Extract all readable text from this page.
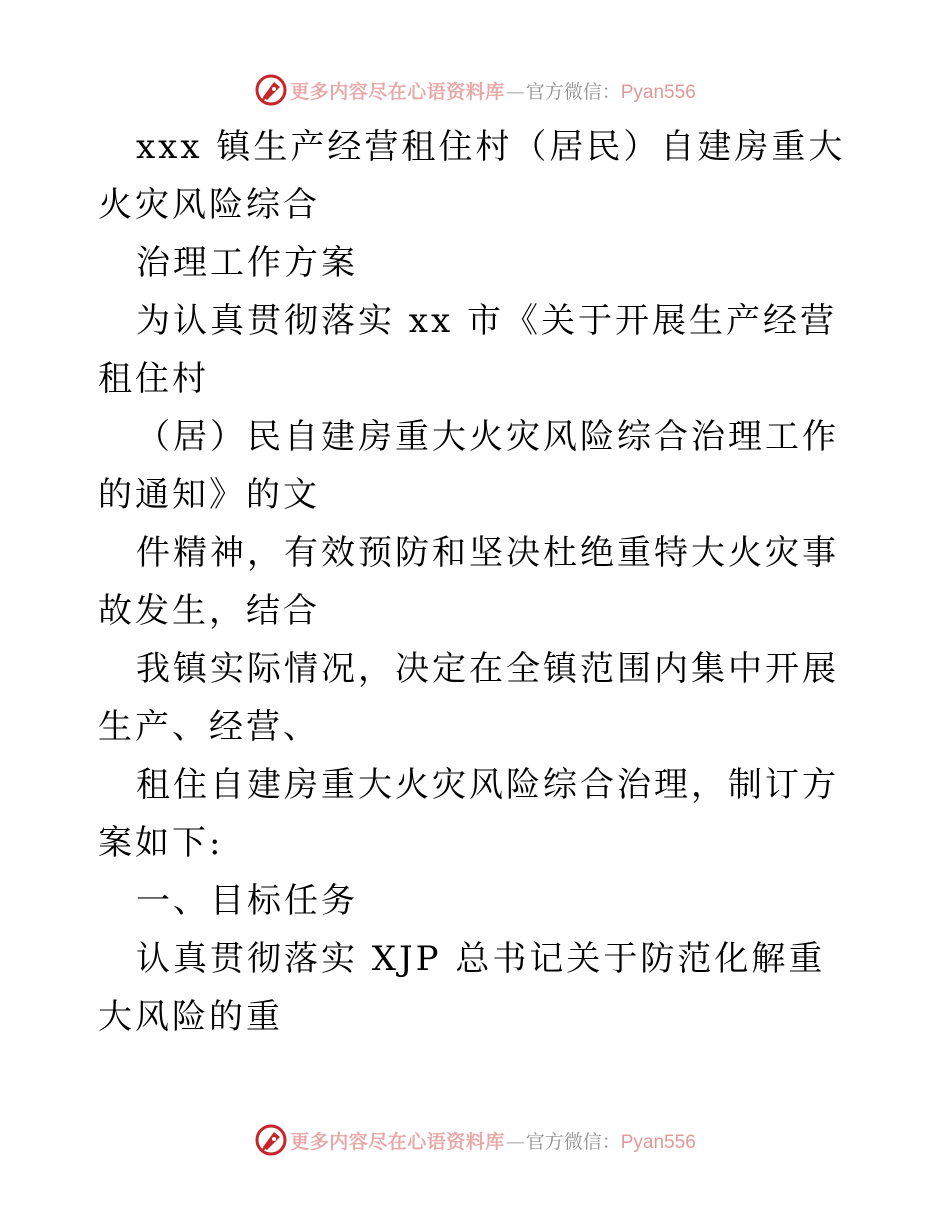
更多内容尽在心语资料库 — 官方微信： Pyan556

xxx 镇生产经营租住村（居民）自建房重大火灾风险综合

治理工作方案

为认真贯彻落实 xx 市《关于开展生产经营租住村

（居）民自建房重大火灾风险综合治理工作的通知》的文

件精神，有效预防和坚决杜绝重特大火灾事故发生，结合

我镇实际情况，决定在全镇范围内集中开展生产、经营、

租住自建房重大火灾风险综合治理，制订方案如下:

一、目标任务

认真贯彻落实 XJP 总书记关于防范化解重大风险的重

更多内容尽在心语资料库 — 官方微信： Pyan556
